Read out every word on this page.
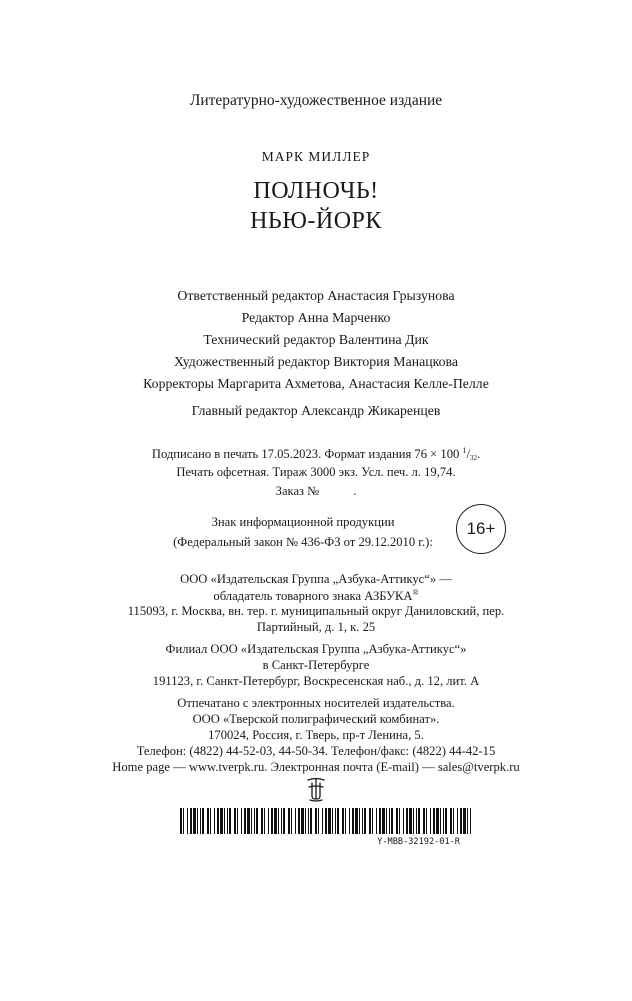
Литературно-художественное издание
МАРК МИЛЛЕР
ПОЛНОЧЬ!
НЬЮ-ЙОРК
Ответственный редактор Анастасия Грызунова
Редактор Анна Марченко
Технический редактор Валентина Дик
Художественный редактор Виктория Манацкова
Корректоры Маргарита Ахметова, Анастасия Келле-Пелле
Главный редактор Александр Жикаренцев
Подписано в печать 17.05.2023. Формат издания 76 × 100 $^1/_{32}$.
Печать офсетная. Тираж 3000 экз. Усл. печ. л. 19,74.
Заказ №	.
Знак информационной продукции
(Федеральный закон № 436-ФЗ от 29.12.2010 г.):
16+
ООО «Издательская Группа „Азбука-Аттикус“» —
обладатель товарного знака АЗБУКА®
115093, г. Москва, вн. тер. г. муниципальный округ Даниловский, пер.
Партийный, д. 1, к. 25
Филиал ООО «Издательская Группа „Азбука-Аттикус“»
в Санкт-Петербурге
191123, г. Санкт-Петербург, Воскресенская наб., д. 12, лит. А
Отпечатано с электронных носителей издательства.
ООО «Тверской полиграфический комбинат».
170024, Россия, г. Тверь, пр-т Ленина, 5.
Телефон: (4822) 44-52-03, 44-50-34. Телефон/факс: (4822) 44-42-15
Home page — www.tverpk.ru. Электронная почта (E-mail) — sales@tverpk.ru
Y-MBB-32192-01-R
